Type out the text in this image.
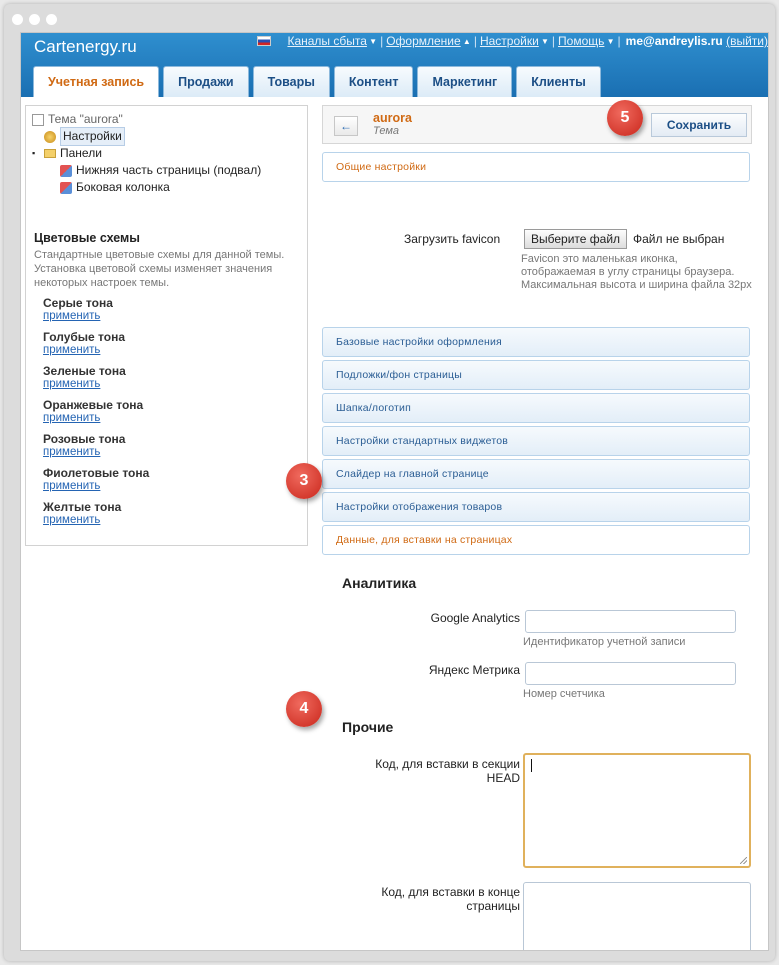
Cartenergy.ru	Каналы сбыта ▼ | Оформление ▲ | Настройки ▼ | Помощь ▼ | me@andreylis.ru
(выйти)
Учетная запись	Продажи	Товары	Контент	Маркетинг	Клиенты
Тема "aurora"
Настройки
▪	Панели
Нижняя часть страницы (подвал)
Боковая колонка
Цветовые схемы
Стандартные цветовые схемы для данной темы. Установка цветовой схемы изменяет значения некоторых настроек темы.
Серые тона
применить
Голубые тона
применить
Зеленые тона
применить
Оранжевые тона
применить
Розовые тона
применить
Фиолетовые тона
применить
Желтые тона
применить
←
aurora
Тема	Сохранить
Общие настройки
Загрузить favicon	Выберите файл	Файл не выбран
Favicon это маленькая иконка, отображаемая в углу страницы браузера. Максимальная высота и ширина файла 32px
Базовые настройки оформления
Подложки/фон страницы
Шапка/логотип
Настройки стандартных виджетов
Слайдер на главной странице
Настройки отображения товаров
Данные, для вставки на страницах
Аналитика
Google Analytics
Идентификатор учетной записи
Яндекс Метрика
Номер счетчика
Прочие
Код, для вставки в секции HEAD
Код, для вставки в конце страницы
5
3
4
